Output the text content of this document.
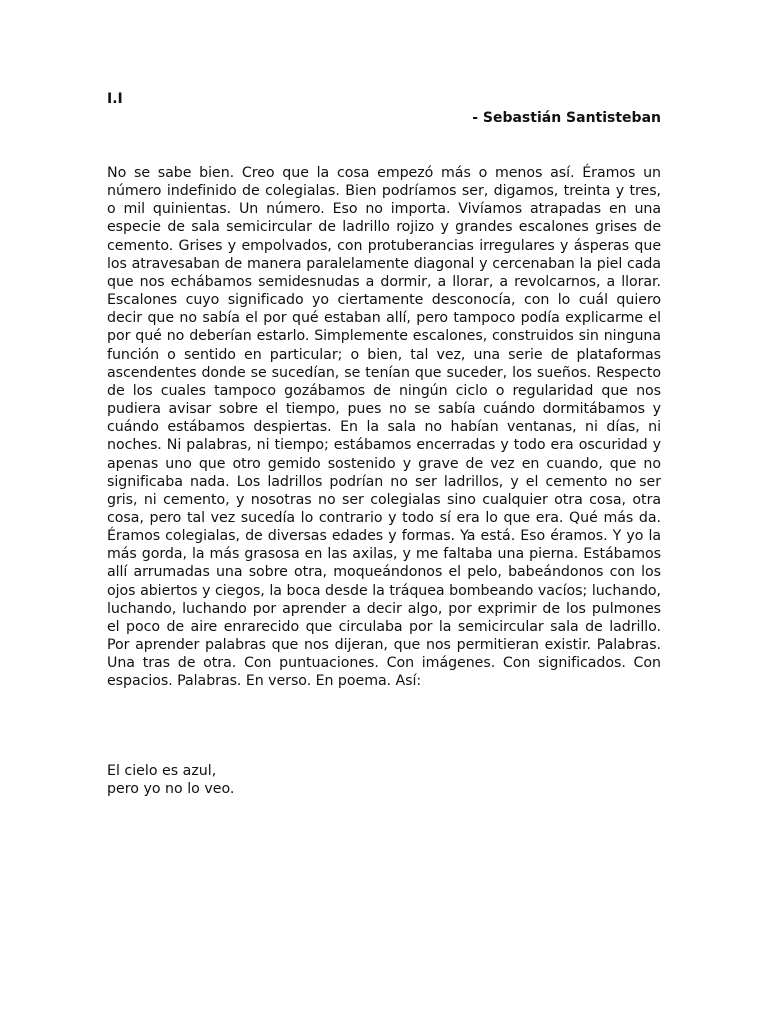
I.I

- Sebastián Santisteban

No se sabe bien. Creo que la cosa empezó más o menos así. Éramos un número indefinido de colegialas. Bien podríamos ser, digamos, treinta y tres, o mil quinientas. Un número. Eso no importa. Vivíamos atrapadas en una especie de sala semicircular de ladrillo rojizo y grandes escalones grises de cemento. Grises y empolvados, con protuberancias irregulares y ásperas que los atravesaban de manera paralelamente diagonal y cercenaban la piel cada que nos echábamos semidesnudas a dormir, a llorar, a revolcarnos, a llorar. Escalones cuyo significado yo ciertamente desconocía, con lo cuál quiero decir que no sabía el por qué estaban allí, pero tampoco podía explicarme el por qué no deberían estarlo. Simplemente escalones, construidos sin ninguna función o sentido en particular; o bien, tal vez, una serie de plataformas ascendentes donde se sucedían, se tenían que suceder, los sueños. Respecto de los cuales tampoco gozábamos de ningún ciclo o regularidad que nos pudiera avisar sobre el tiempo, pues no se sabía cuándo dormitábamos y cuándo estábamos despiertas. En la sala no habían ventanas, ni días, ni noches. Ni palabras, ni tiempo; estábamos encerradas y todo era oscuridad y apenas uno que otro gemido sostenido y grave de vez en cuando, que no significaba nada. Los ladrillos podrían no ser ladrillos, y el cemento no ser gris, ni cemento, y nosotras no ser colegialas sino cualquier otra cosa, otra cosa, pero tal vez sucedía lo contrario y todo sí era lo que era. Qué más da. Éramos colegialas, de diversas edades y formas. Ya está. Eso éramos. Y yo la más gorda, la más grasosa en las axilas, y me faltaba una pierna. Estábamos allí arrumadas una sobre otra, moqueándonos el pelo, babeándonos con los ojos abiertos y ciegos, la boca desde la tráquea bombeando vacíos; luchando, luchando, luchando por aprender a decir algo, por exprimir de los pulmones el poco de aire enrarecido que circulaba por la semicircular sala de ladrillo. Por aprender palabras que nos dijeran, que nos permitieran existir. Palabras. Una tras de otra. Con puntuaciones. Con imágenes. Con significados. Con espacios. Palabras. En verso. En poema. Así:

El cielo es azul,
pero yo no lo veo.
